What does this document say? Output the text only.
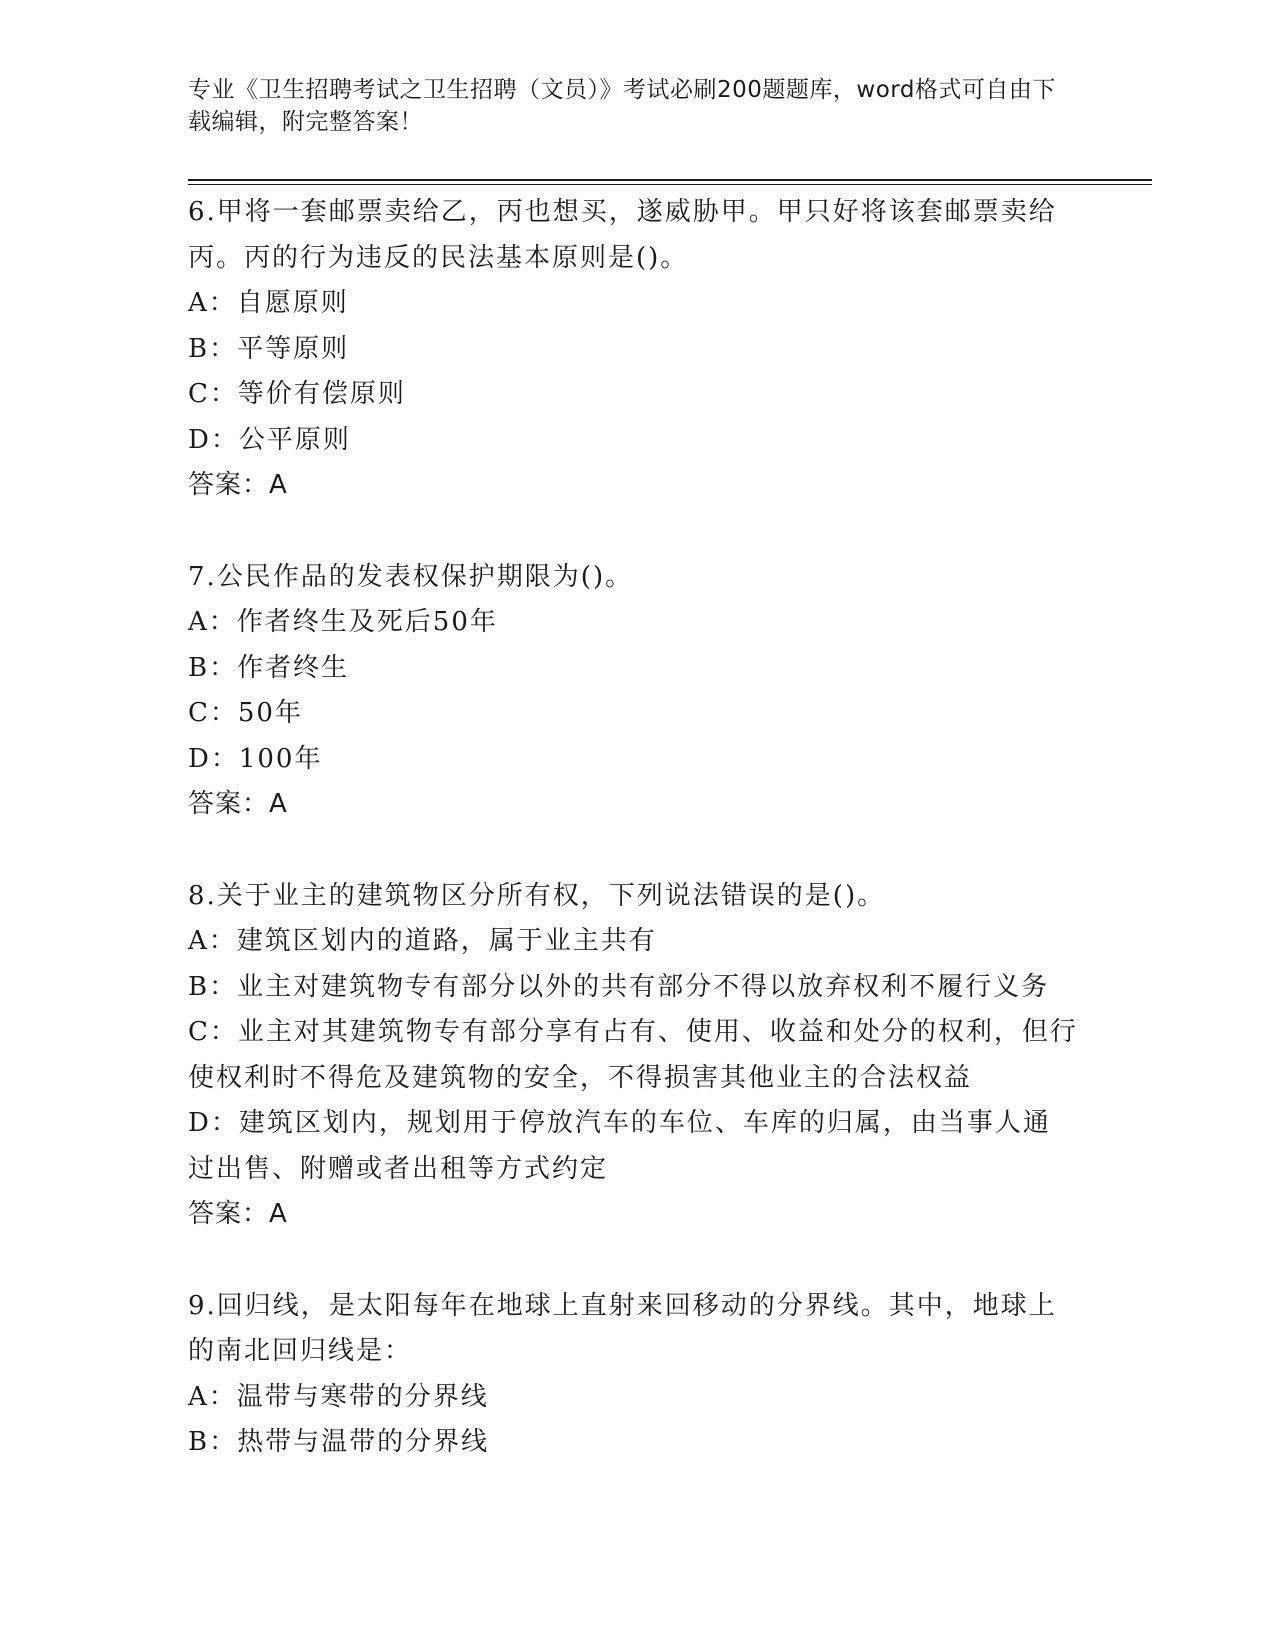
专业《卫生招聘考试之卫生招聘（文员）》考试必刷200题题库，word格式可自由下载编辑，附完整答案！
6.甲将一套邮票卖给乙，丙也想买，遂威胁甲。甲只好将该套邮票卖给丙。丙的行为违反的民法基本原则是()。
A：自愿原则
B：平等原则
C：等价有偿原则
D：公平原则
答案：A
7.公民作品的发表权保护期限为()。
A：作者终生及死后50年
B：作者终生
C：50年
D：100年
答案：A
8.关于业主的建筑物区分所有权，下列说法错误的是()。
A：建筑区划内的道路，属于业主共有
B：业主对建筑物专有部分以外的共有部分不得以放弃权利不履行义务
C：业主对其建筑物专有部分享有占有、使用、收益和处分的权利，但行使权利时不得危及建筑物的安全，不得损害其他业主的合法权益
D：建筑区划内，规划用于停放汽车的车位、车库的归属，由当事人通过出售、附赠或者出租等方式约定
答案：A
9.回归线，是太阳每年在地球上直射来回移动的分界线。其中，地球上的南北回归线是：
A：温带与寒带的分界线
B：热带与温带的分界线
